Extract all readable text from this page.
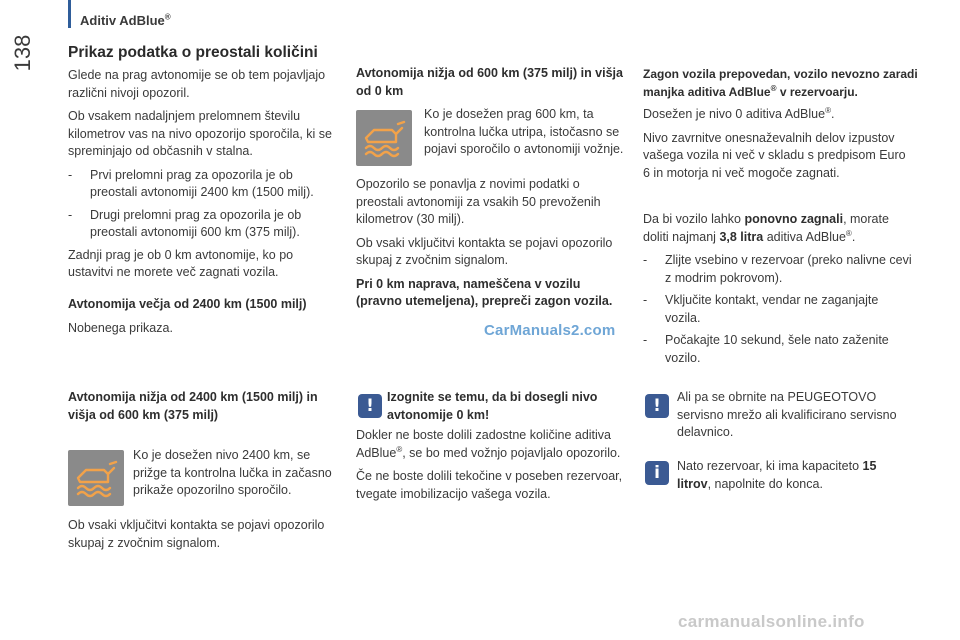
Aditiv AdBlue®
138 Prikaz podatka o preostali količini

Glede na prag avtonomije se ob tem pojavljajo različni nivoji opozoril.

Ob vsakem nadaljnjem prelomnem številu kilometrov vas na nivo opozorijo sporočila, ki se spreminjajo od občasnih v stalna.

-	Prvi prelomni prag za opozorila je ob preostali avtonomiji 2400 km (1500 milj).
-	Drugi prelomni prag za opozorila je ob preostali avtonomiji 600 km (375 milj).

Zadnji prag je ob 0 km avtonomije, ko po ustavitvi ne morete več zagnati vozila.

Avtonomija večja od 2400 km (1500 milj)

Nobenega prikaza.

Avtonomija nižja od 2400 km (1500 milj) in višja od 600 km (375 milj)

Ko je dosežen nivo 2400 km, se prižge ta kontrolna lučka in začasno prikaže opozorilno sporočilo.
Ob vsaki vključitvi kontakta se pojavi opozorilo skupaj z zvočnim signalom.

Avtonomija nižja od 600 km (375 milj) in višja od 0 km

Ko je dosežen prag 600 km, ta kontrolna lučka utripa, istočasno se pojavi sporočilo o avtonomiji vožnje.

Opozorilo se ponavlja z novimi podatki o preostali avtonomiji za vsakih 50 prevoženih kilometrov (30 milj).

Ob vsaki vključitvi kontakta se pojavi opozorilo skupaj z zvočnim signalom.

Pri 0 km naprava, nameščena v vozilu (pravno utemeljena), prepreči zagon vozila.

!	Izognite se temu, da bi dosegli nivo avtonomije 0 km!

Dokler ne boste dolili zadostne količine aditiva AdBlue®, se bo med vožnjo pojavljalo opozorilo.

Če ne boste dolili tekočine v poseben rezervoar, tvegate imobilizacijo vašega vozila.

Zagon vozila prepovedan, vozilo nevozno zaradi manjka aditiva AdBlue® v rezervoarju.

Dosežen je nivo 0 aditiva AdBlue®.

Nivo zavrnitve onesnaževalnih delov izpustov vašega vozila ni več v skladu s predpisom Euro 6 in motorja ni več mogoče zagnati.

Da bi vozilo lahko ponovno zagnali, morate doliti najmanj 3,8 litra aditiva AdBlue®.

-	Zlijte vsebino v rezervoar (preko nalivne cevi z modrim pokrovom).
-	Vključite kontakt, vendar ne zaganjajte vozila.
-	Počakajte 10 sekund, šele nato zaženite vozilo.
!	Ali pa se obrnite na PEUGEOTOVO servisno mrežo ali kvalificirano servisno delavnico.
i	Nato rezervoar, ki ima kapaciteto 15 litrov, napolnite do konca.
CarManuals2.com
carmanualsonline.info
